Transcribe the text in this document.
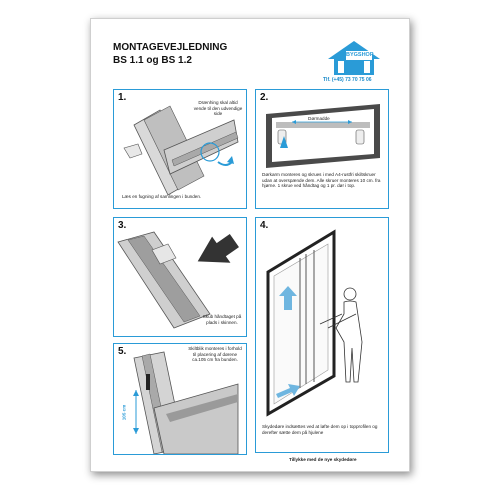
MONTAGEVEJLEDNING
BS 1.1 og BS 1.2	BYGSHOP
Tlf. (+45) 73 70 75 06
1.	Drænhing skal altid vende til den udvendige side
Læs en fugning af samlingen i bunden.
2.
Dørmadde
Dørkarm monteres og skrues i med A4-rustfri skiltskruer udan at overspænde dem. Alle skruer monteres 10 cm. fra hjørne. 1 skrue ved håndtag og 1 pr. dør i top.
3.
Skub håndtaget på plads i skinnen.
4.
Skydedøre indsættes ved at løfte dem op i topprofilen og derefter sætte dem på hjulene
5.
105 cm
Skiltblik monteres i forhold til placering af dørene ca.105 cm fra bunden.
Tillykke med de nye skydedøre
